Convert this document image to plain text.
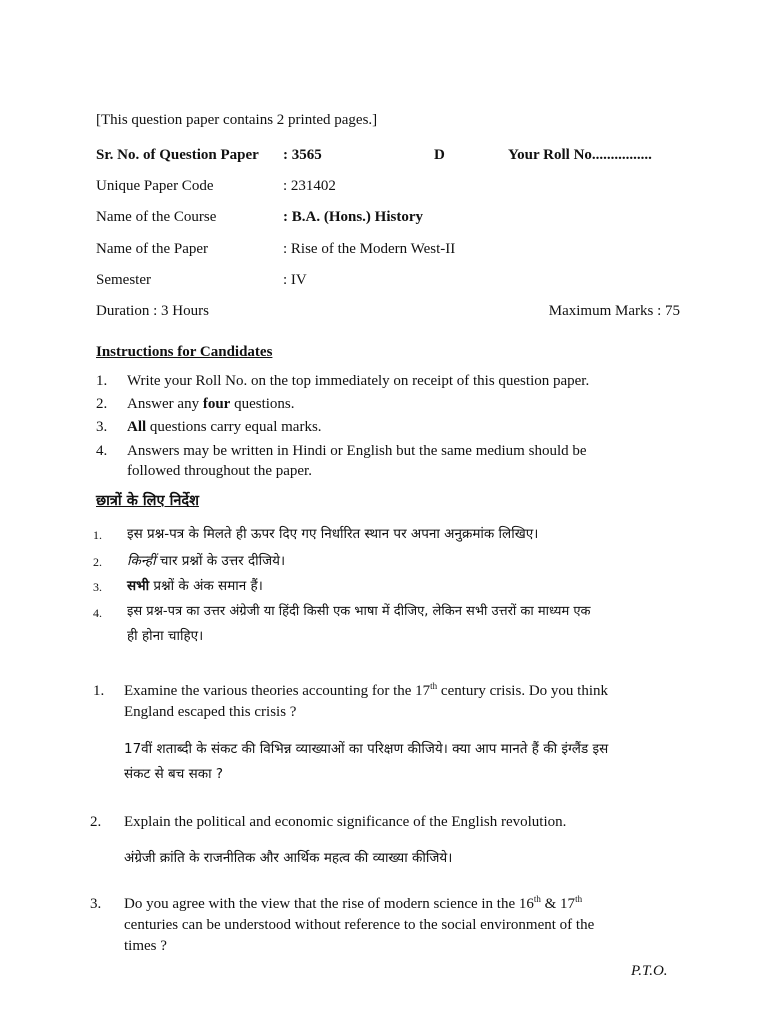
[This question paper contains 2 printed pages.]
Sr. No. of Question Paper : 3565	D	Your Roll No................
Unique Paper Code	: 231402
Name of the Course	: B.A. (Hons.) History
Name of the Paper	: Rise of the Modern West-II
Semester	: IV
Duration : 3 Hours	Maximum Marks : 75
Instructions for Candidates
1. Write your Roll No. on the top immediately on receipt of this question paper.
2. Answer any four questions.
3. All questions carry equal marks.
4. Answers may be written in Hindi or English but the same medium should be
followed throughout the paper.
छात्रों के लिए निर्देश
1. इस प्रश्न-पत्र के मिलते ही ऊपर दिए गए निर्धारित स्थान पर अपना अनुक्रमांक लिखिए।
2. किन्हीं चार प्रश्नों के उत्तर दीजिये।
3. सभी प्रश्नों के अंक समान हैं।
4. इस प्रश्न-पत्र का उत्तर अंग्रेजी या हिंदी किसी एक भाषा में दीजिए, लेकिन सभी उत्तरों का माध्यम एक
ही होना चाहिए।
1. Examine the various theories accounting for the 17th century crisis. Do you think
England escaped this crisis ?
17वीं शताब्दी के संकट की विभिन्न व्याख्याओं का परिक्षण कीजिये। क्या आप मानते हैं की इंग्लैंड इस
संकट से बच सका ?
2. Explain the political and economic significance of the English revolution.
अंग्रेजी क्रांति के राजनीतिक और आर्थिक महत्व की व्याख्या कीजिये।
3. Do you agree with the view that the rise of modern science in the 16th & 17th
centuries can be understood without reference to the social environment of the
times ?
P.T.O.
